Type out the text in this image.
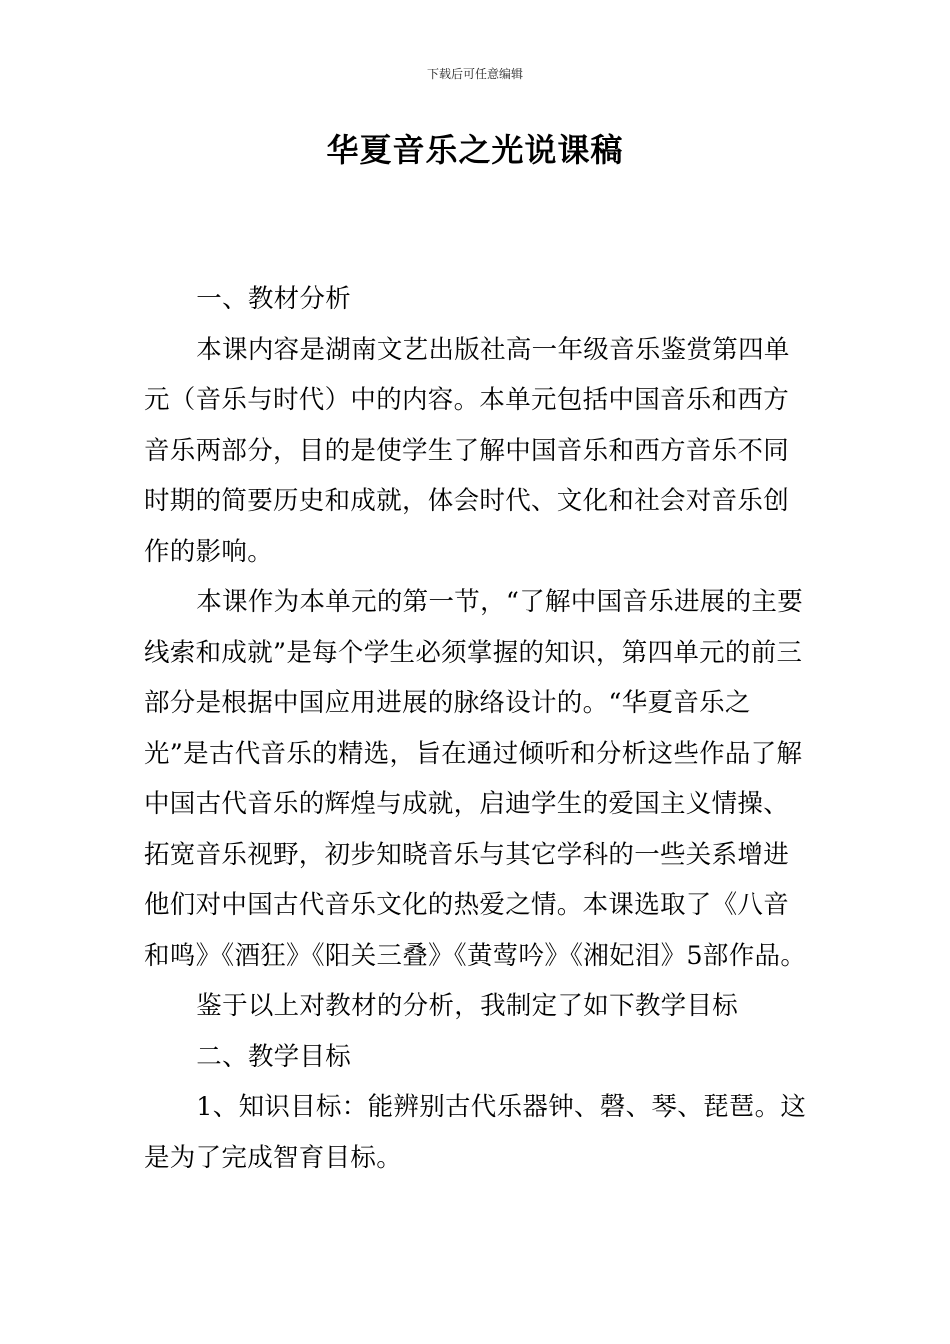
下载后可任意编辑
华夏音乐之光说课稿

一、教材分析

本课内容是湖南文艺出版社高一年级音乐鉴赏第四单元（音乐与时代）中的内容。本单元包括中国音乐和西方音乐两部分，目的是使学生了解中国音乐和西方音乐不同时期的简要历史和成就，体会时代、文化和社会对音乐创作的影响。

本课作为本单元的第一节，“了解中国音乐进展的主要线索和成就”是每个学生必须掌握的知识，第四单元的前三部分是根据中国应用进展的脉络设计的。“华夏音乐之光”是古代音乐的精选，旨在通过倾听和分析这些作品了解中国古代音乐的辉煌与成就，启迪学生的爱国主义情操、拓宽音乐视野，初步知晓音乐与其它学科的一些关系增进他们对中国古代音乐文化的热爱之情。本课选取了《八音和鸣》《酒狂》《阳关三叠》《黄莺吟》《湘妃泪》5部作品。

鉴于以上对教材的分析，我制定了如下教学目标

二、教学目标

1、知识目标：能辨别古代乐器钟、磬、琴、琵琶。这是为了完成智育目标。
